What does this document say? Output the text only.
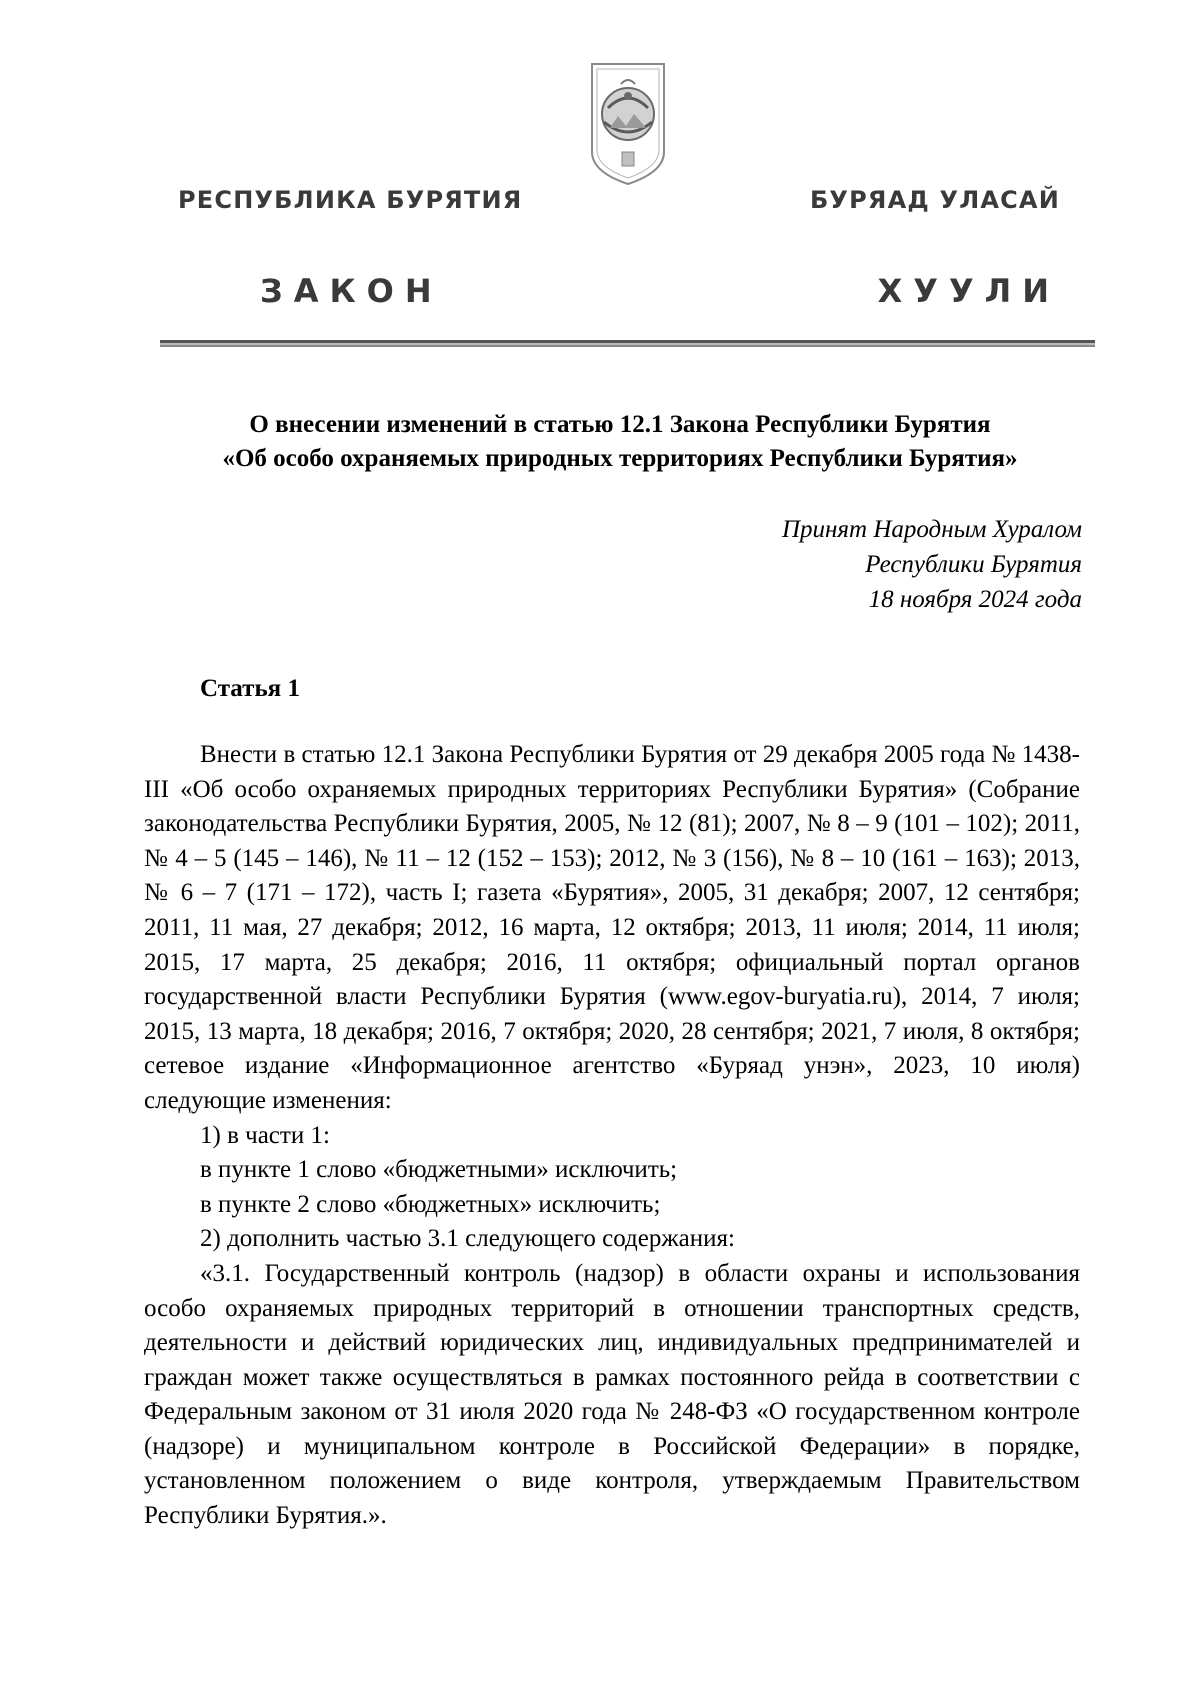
РЕСПУБЛИКА БУРЯТИЯ	БУРЯАД УЛАСАЙ
ЗАКОН	ХУУЛИ
О внесении изменений в статью 12.1 Закона Республики Бурятия
«Об особо охраняемых природных территориях Республики Бурятия»
Принят Народным Хуралом
Республики Бурятия
18 ноября 2024 года
Статья 1

Внести в статью 12.1 Закона Республики Бурятия от 29 декабря 2005 года № 1438-III «Об особо охраняемых природных территориях Республики Бурятия» (Собрание законодательства Республики Бурятия, 2005, № 12 (81); 2007, № 8 – 9 (101 – 102); 2011, № 4 – 5 (145 – 146), № 11 – 12 (152 – 153); 2012, № 3 (156), № 8 – 10 (161 – 163); 2013, № 6 – 7 (171 – 172), часть I; газета «Бурятия», 2005, 31 декабря; 2007, 12 сентября; 2011, 11 мая, 27 декабря; 2012, 16 марта, 12 октября; 2013, 11 июля; 2014, 11 июля; 2015, 17 марта, 25 декабря; 2016, 11 октября; официальный портал органов государственной власти Республики Бурятия (www.egov-buryatia.ru), 2014, 7 июля; 2015, 13 марта, 18 декабря; 2016, 7 октября; 2020, 28 сентября; 2021, 7 июля, 8 октября; сетевое издание «Информационное агентство «Буряад унэн», 2023, 10 июля) следующие изменения:

1) в части 1:

в пункте 1 слово «бюджетными» исключить;

в пункте 2 слово «бюджетных» исключить;

2) дополнить частью 3.1 следующего содержания:

«3.1. Государственный контроль (надзор) в области охраны и использования особо охраняемых природных территорий в отношении транспортных средств, деятельности и действий юридических лиц, индивидуальных предпринимателей и граждан может также осуществляться в рамках постоянного рейда в соответствии с Федеральным законом от 31 июля 2020 года № 248-ФЗ «О государственном контроле (надзоре) и муниципальном контроле в Российской Федерации» в порядке, установленном положением о виде контроля, утверждаемым Правительством Республики Бурятия.».
